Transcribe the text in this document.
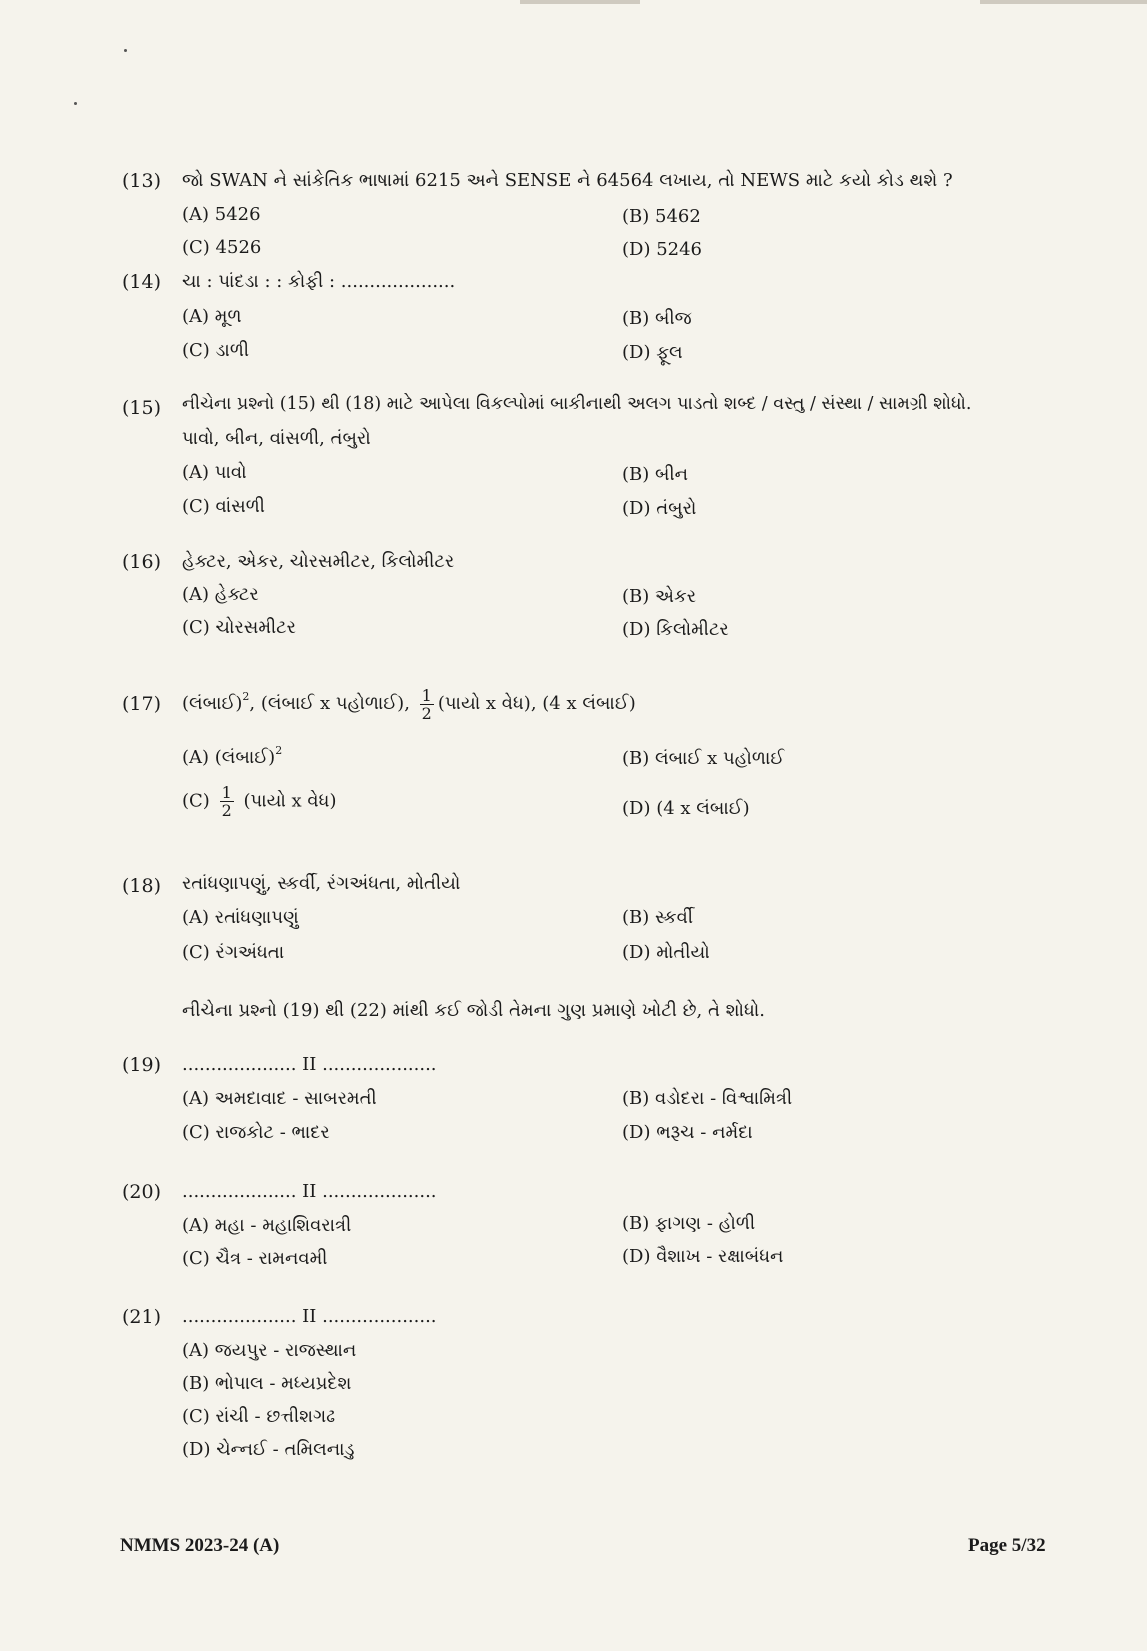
(13) જો SWAN ને સાંકેતિક ભાષામાં 6215 અને SENSE ને 64564 લખાય, તો NEWS માટે કયો કોડ થશે ?
(A) 5426	(B) 5462
(C) 4526	(D) 5246
(14) ચા : પાંદડા : : કોફી : ....................
(A) મૂળ	(B) બીજ
(C) ડાળી	(D) ફૂલ
(15) નીચેના પ્રશ્નો (15) થી (18) માટે આપેલા વિકલ્પોમાં બાકીનાથી અલગ પાડતો શબ્દ / વસ્તુ / સંસ્થા / સામગ્રી શોધો.
પાવો, બીન, વાંસળી, તંબુરો
(A) પાવો	(B) બીન
(C) વાંસળી	(D) તંબુરો
(16) હેક્ટર, એકર, ચોરસમીટર, કિલોમીટર
(A) હેક્ટર	(B) એકર
(C) ચોરસમીટર	(D) કિલોમીટર
(17) (લંબાઈ)$^2$, (લંબાઈ x પહોળાઈ), $\frac{1}{2}$ (પાયો x વેધ), (4 x લંબાઈ)
(A) (લંબાઈ)$^2$	(B) લંબાઈ x પહોળાઈ
$(C) \frac{1}{2}$ (પાયો x વેધ)	(D) (4 x લંબાઈ)
(18) રતાંધણાપણું, સ્કર્વી, રંગઅંધતા, મોતીયો
(A) રતાંધણાપણું	(B) સ્કર્વી
(C) રંગઅંધતા	(D) મોતીયો
નીચેના પ્રશ્નો (19) થી (22) માંથી કઈ જોડી તેમના ગુણ પ્રમાણે ખોટી છે, તે શોધો.
(19) .................... II ....................
(A) અમદાવાદ - સાબરમતી	(B) વડોદરા - વિશ્વામિત્રી
(C) રાજકોટ - ભાદર	(D) ભરૂચ - નર્મદા
(20) .................... II ....................
(A) મહા - મહાશિવરાત્રી	(B) ફાગણ - હોળી
(C) ચૈત્ર - રામનવમી	(D) વૈશાખ - રક્ષાબંધન
(21) .................... II ....................
(A) જયપુર - રાજસ્થાન
(B) ભોપાલ - મધ્યપ્રદેશ
(C) રાંચી - છત્તીશગઢ
(D) ચેન્નઈ - તમિલનાડુ
NMMS 2023-24 (A)	Page 5/32
